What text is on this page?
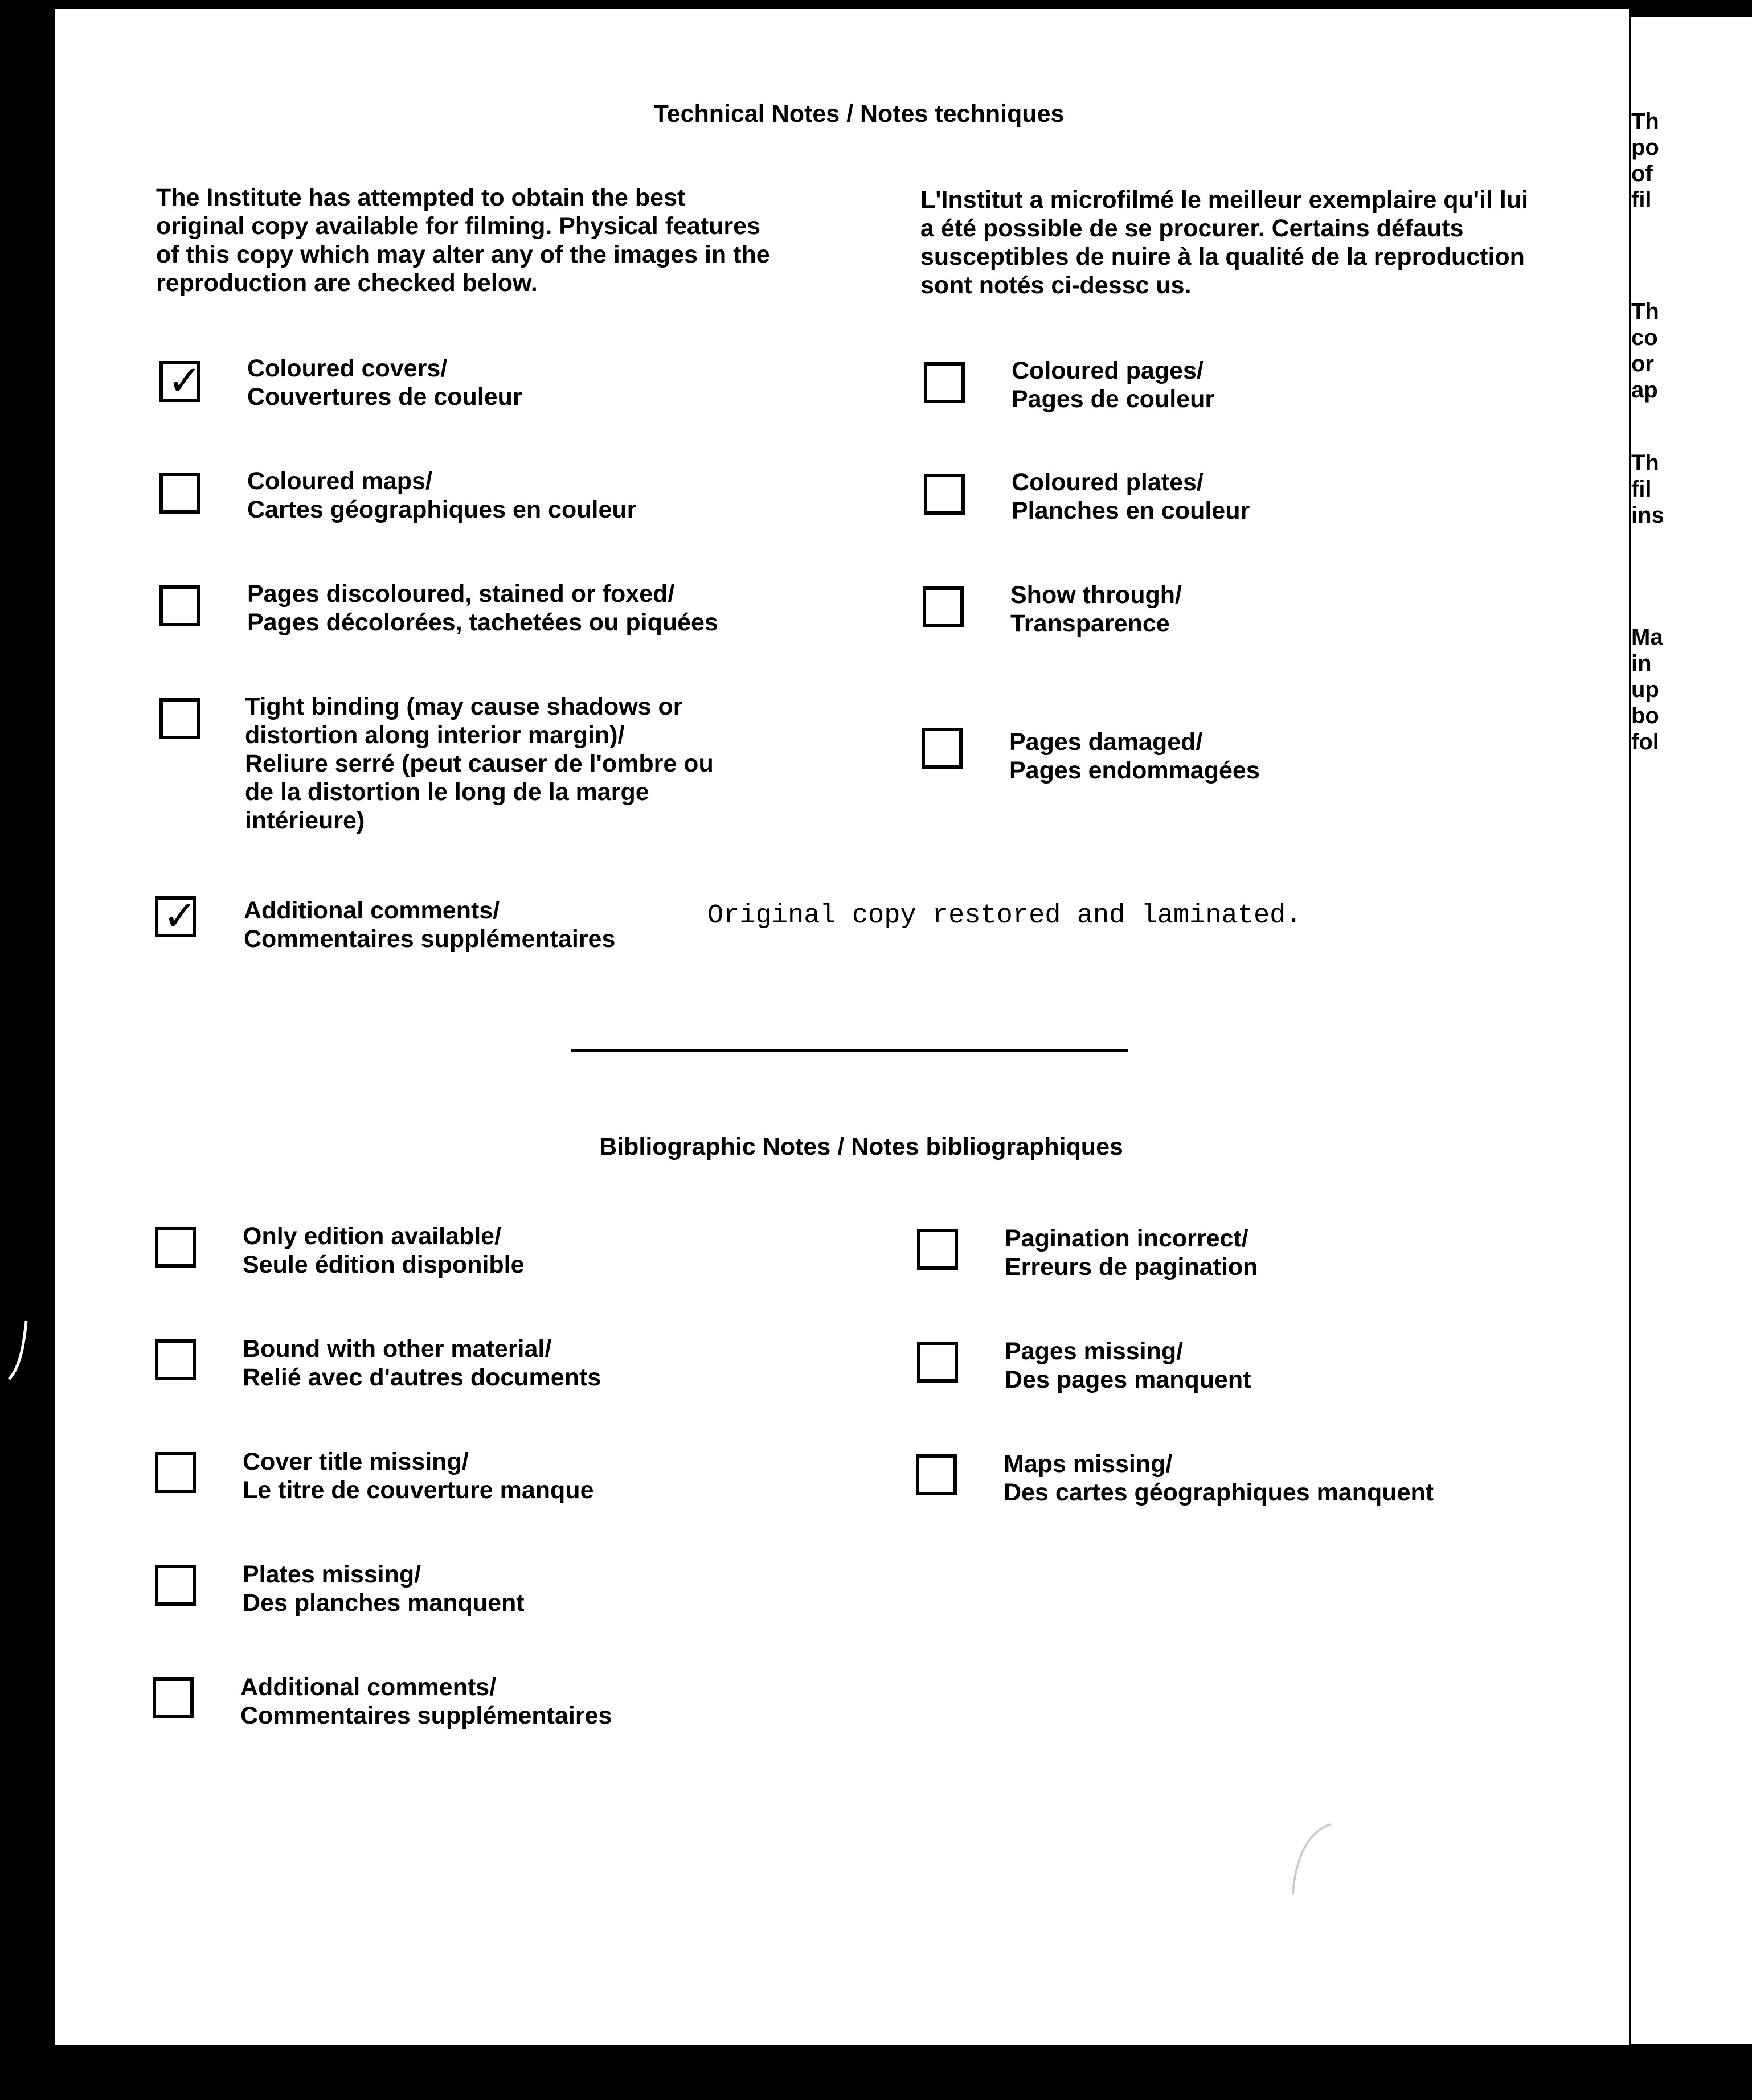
Technical Notes / Notes techniques
The Institute has attempted to obtain the best original copy available for filming. Physical features of this copy which may alter any of the images in the reproduction are checked below.
L'Institut a microfilmé le meilleur exemplaire qu'il lui a été possible de se procurer. Certains défauts susceptibles de nuire à la qualité de la reproduction sont notés ci-dessc us.
✓ Coloured covers/
Couvertures de couleur
Coloured maps/
Cartes géographiques en couleur
Pages discoloured, stained or foxed/
Pages décolorées, tachetées ou piquées
Tight binding (may cause shadows or
distortion along interior margin)/
Reliure serré (peut causer de l'ombre ou
de la distortion le long de la marge
intérieure)
Coloured pages/
Pages de couleur
Coloured plates/
Planches en couleur
Show through/
Transparence
Pages damaged/
Pages endommagées
✓ Additional comments/
Commentaires supplémentaires
Original copy restored and laminated.
Bibliographic Notes / Notes bibliographiques
Only edition available/
Seule édition disponible
Bound with other material/
Relié avec d'autres documents
Cover title missing/
Le titre de couverture manque
Plates missing/
Des planches manquent
Additional comments/
Commentaires supplémentaires
Pagination incorrect/
Erreurs de pagination
Pages missing/
Des pages manquent
Maps missing/
Des cartes géographiques manquent
Th
po
of
fil
Th
co
or
ap
Th
fil
ins
Ma
in
up
bo
fol
